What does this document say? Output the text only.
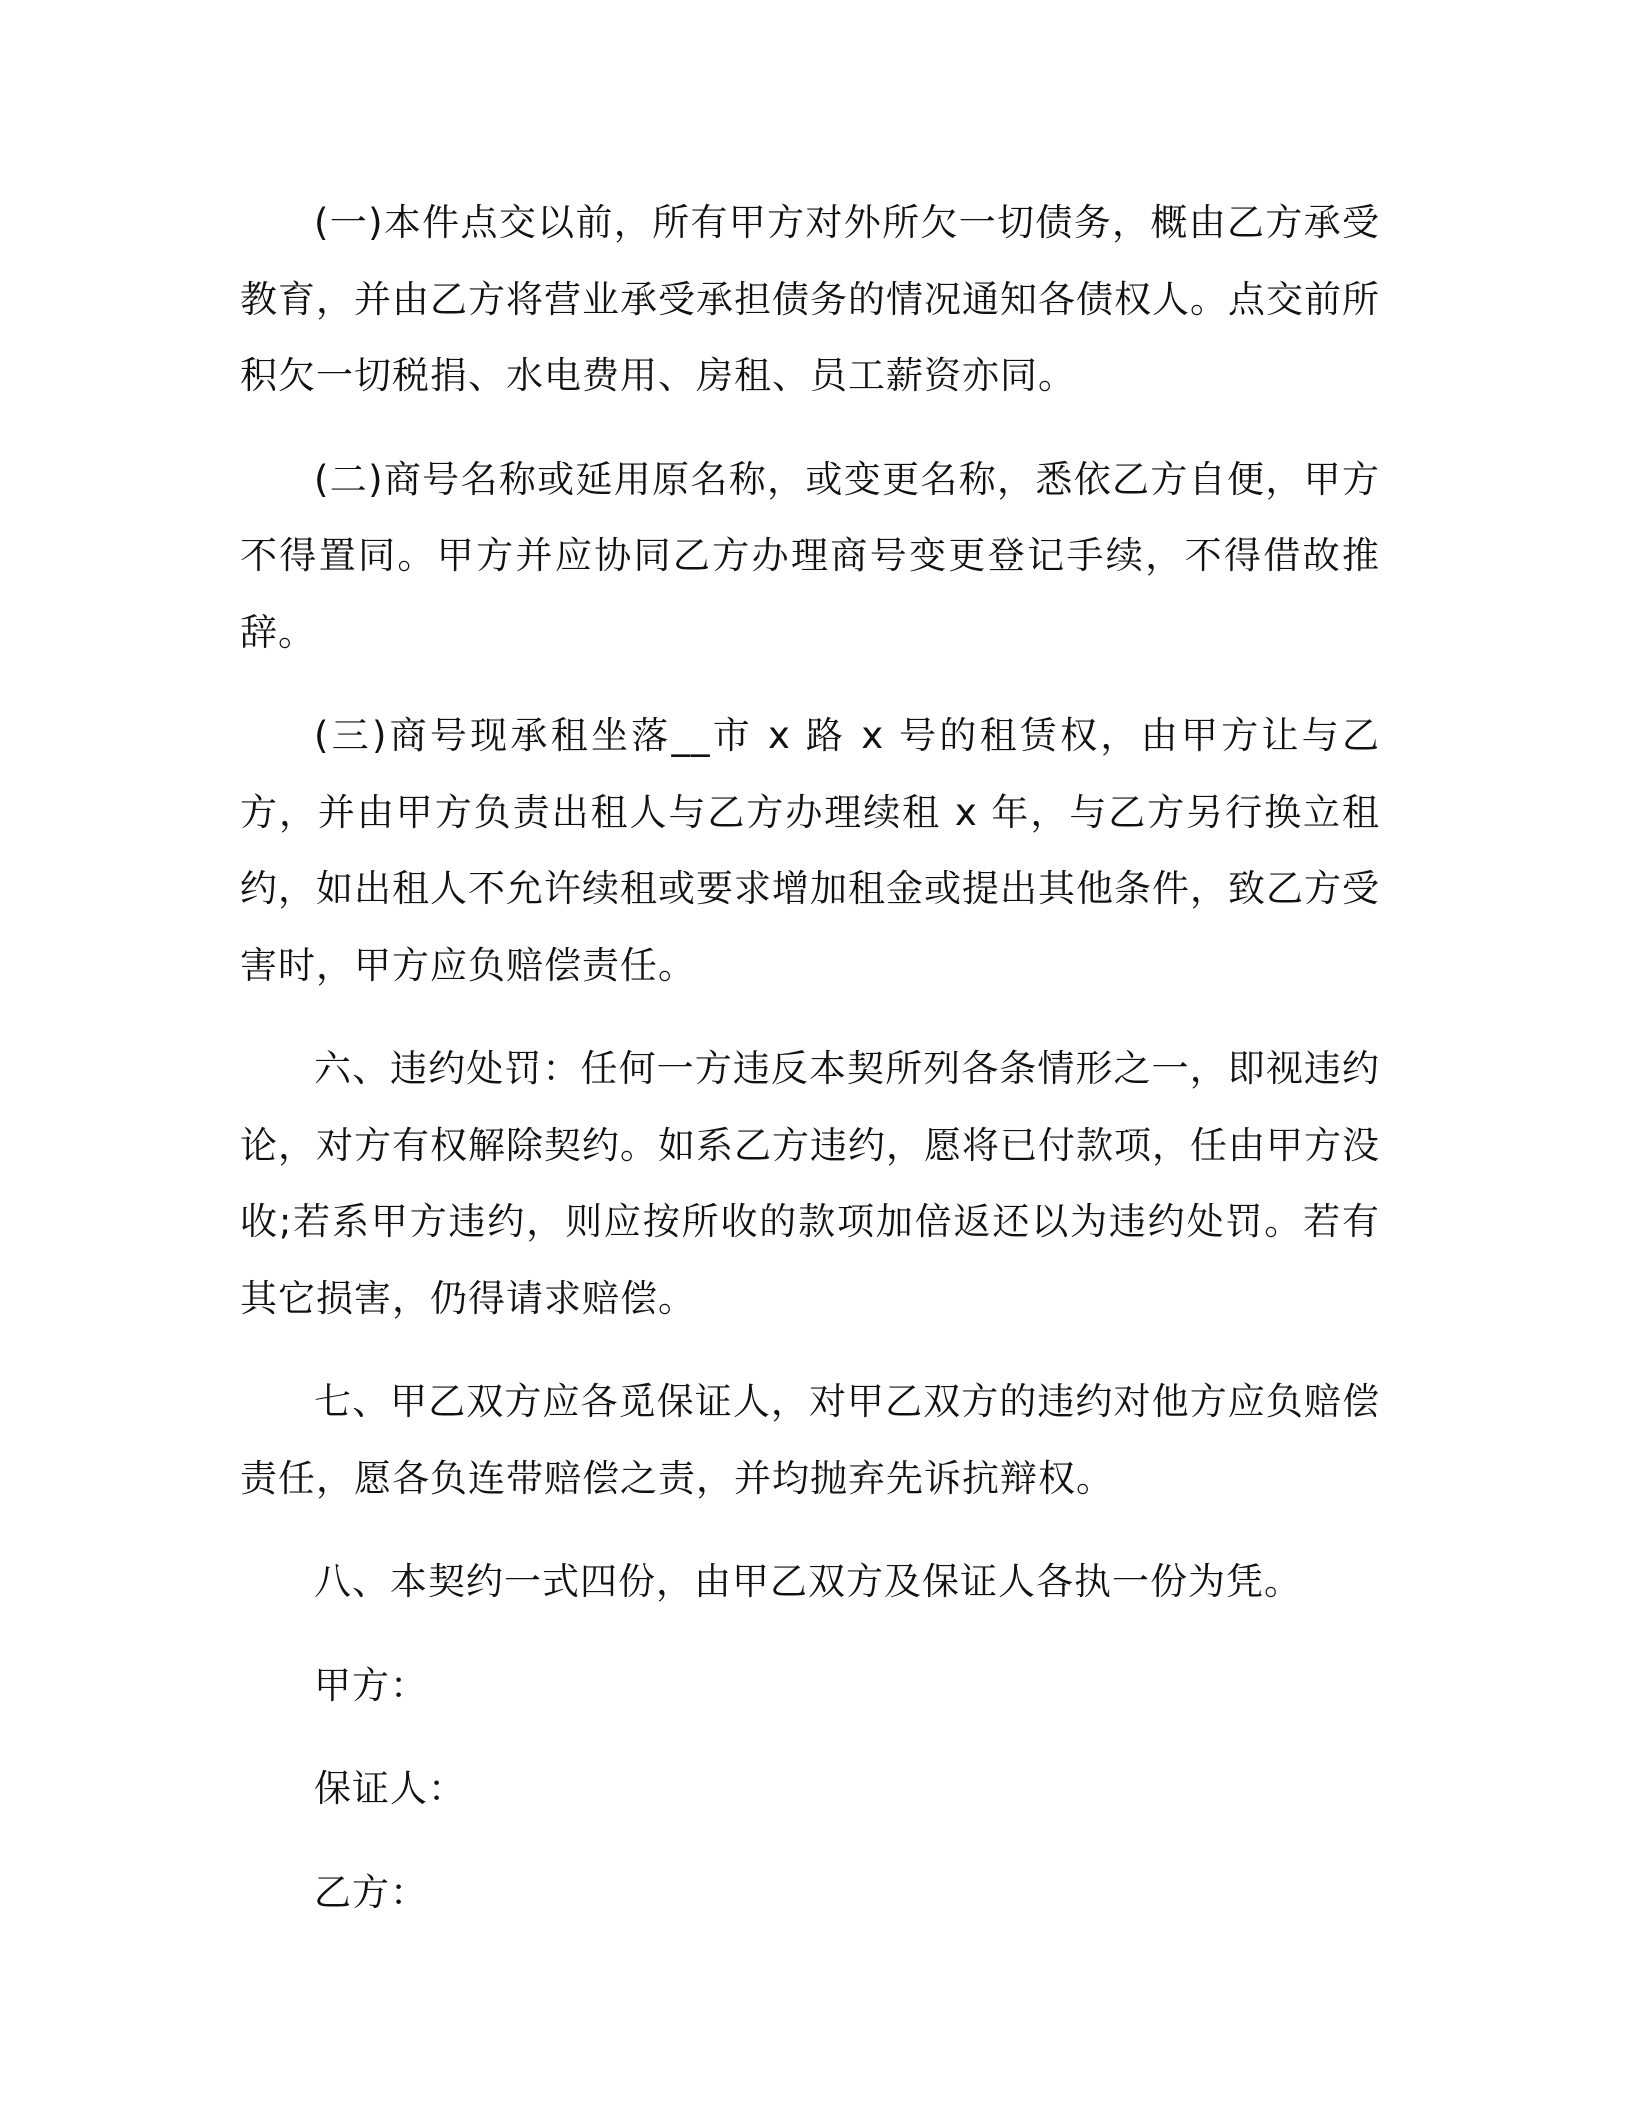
(一)本件点交以前，所有甲方对外所欠一切债务，概由乙方承受教育，并由乙方将营业承受承担债务的情况通知各债权人。点交前所积欠一切税捐、水电费用、房租、员工薪资亦同。

(二)商号名称或延用原名称，或变更名称，悉依乙方自便，甲方不得置同。甲方并应协同乙方办理商号变更登记手续，不得借故推辞。

(三)商号现承租坐落__市 x 路 x 号的租赁权，由甲方让与乙方，并由甲方负责出租人与乙方办理续租 x 年，与乙方另行换立租约，如出租人不允许续租或要求增加租金或提出其他条件，致乙方受害时，甲方应负赔偿责任。

六、违约处罚：任何一方违反本契所列各条情形之一，即视违约论，对方有权解除契约。如系乙方违约，愿将已付款项，任由甲方没收;若系甲方违约，则应按所收的款项加倍返还以为违约处罚。若有其它损害，仍得请求赔偿。

七、甲乙双方应各觅保证人，对甲乙双方的违约对他方应负赔偿责任，愿各负连带赔偿之责，并均抛弃先诉抗辩权。

八、本契约一式四份，由甲乙双方及保证人各执一份为凭。

甲方：

保证人：

乙方：
